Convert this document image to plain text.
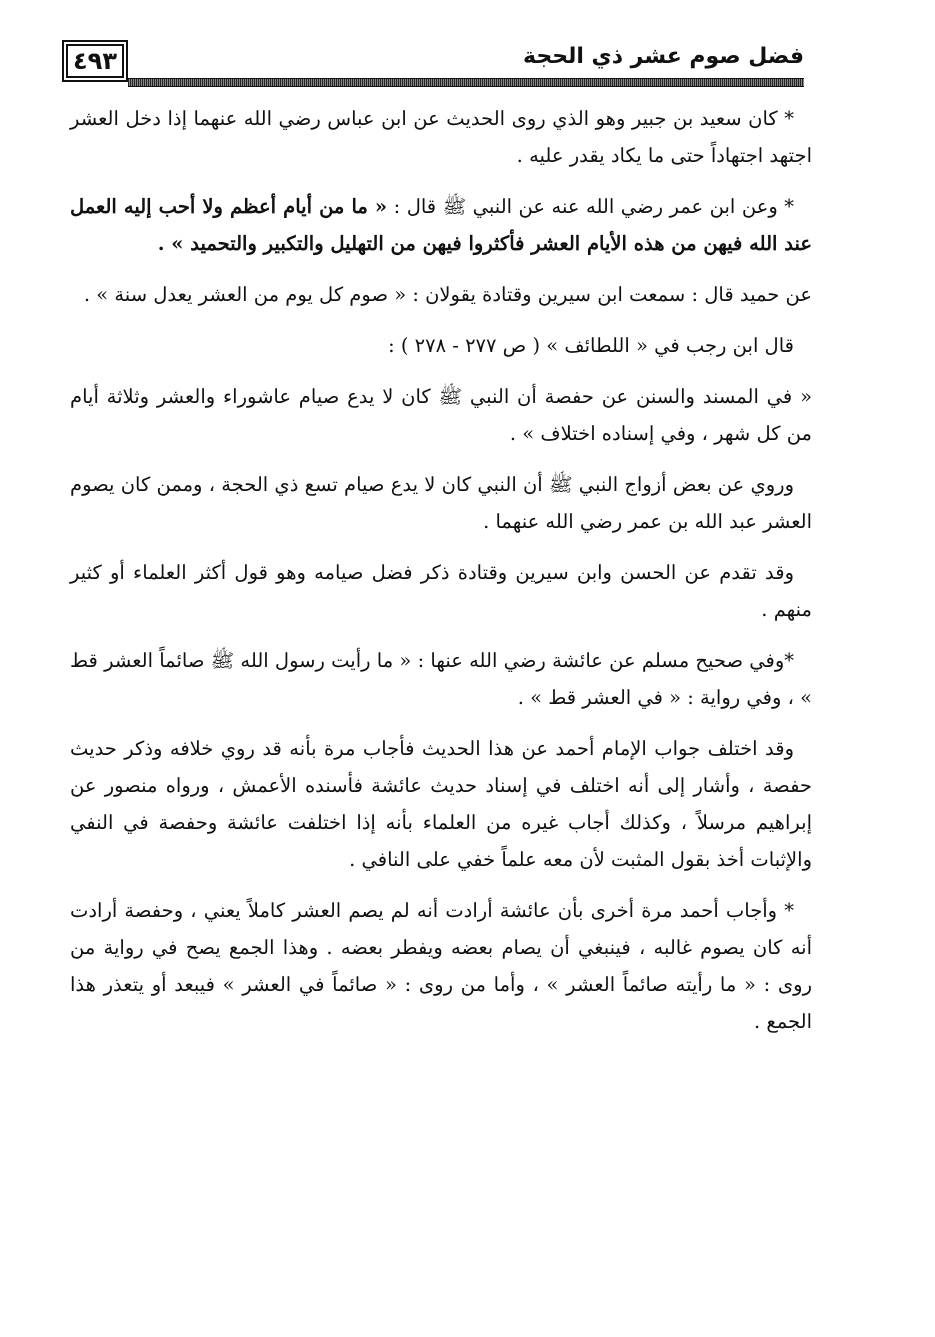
٤٩٣	فضل صوم عشر ذي الحجة

* كان سعيد بن جبير وهو الذي روى الحديث عن ابن عباس رضي الله عنهما إذا دخل العشر اجتهد اجتهاداً حتى ما يكاد يقدر عليه .

* وعن ابن عمر رضي الله عنه عن النبي ﷺ قال : « ما من أيام أعظم ولا أحب إليه العمل عند الله فيهن من هذه الأيام العشر فأكثروا فيهن من التهليل والتكبير والتحميد » .

عن حميد قال : سمعت ابن سيرين وقتادة يقولان : « صوم كل يوم من العشر يعدل سنة » .

قال ابن رجب في « اللطائف » ( ص ٢٧٧ - ٢٧٨ ) :

« في المسند والسنن عن حفصة أن النبي ﷺ كان لا يدع صيام عاشوراء والعشر وثلاثة أيام من كل شهر ، وفي إسناده اختلاف » .

وروي عن بعض أزواج النبي ﷺ أن النبي كان لا يدع صيام تسع ذي الحجة ، وممن كان يصوم العشر عبد الله بن عمر رضي الله عنهما .

وقد تقدم عن الحسن وابن سيرين وقتادة ذكر فضل صيامه وهو قول أكثر العلماء أو كثير منهم .

*وفي صحيح مسلم عن عائشة رضي الله عنها : « ما رأيت رسول الله ﷺ صائماً العشر قط » ، وفي رواية : « في العشر قط » .

وقد اختلف جواب الإمام أحمد عن هذا الحديث فأجاب مرة بأنه قد روي خلافه وذكر حديث حفصة ، وأشار إلى أنه اختلف في إسناد حديث عائشة فأسنده الأعمش ، ورواه منصور عن إبراهيم مرسلاً ، وكذلك أجاب غيره من العلماء بأنه إذا اختلفت عائشة وحفصة في النفي والإثبات أخذ بقول المثبت لأن معه علماً خفي على النافي .

* وأجاب أحمد مرة أخرى بأن عائشة أرادت أنه لم يصم العشر كاملاً يعني ، وحفصة أرادت أنه كان يصوم غالبه ، فينبغي أن يصام بعضه ويفطر بعضه . وهذا الجمع يصح في رواية من روى : « ما رأيته صائماً العشر » ، وأما من روى : « صائماً في العشر » فيبعد أو يتعذر هذا الجمع .
